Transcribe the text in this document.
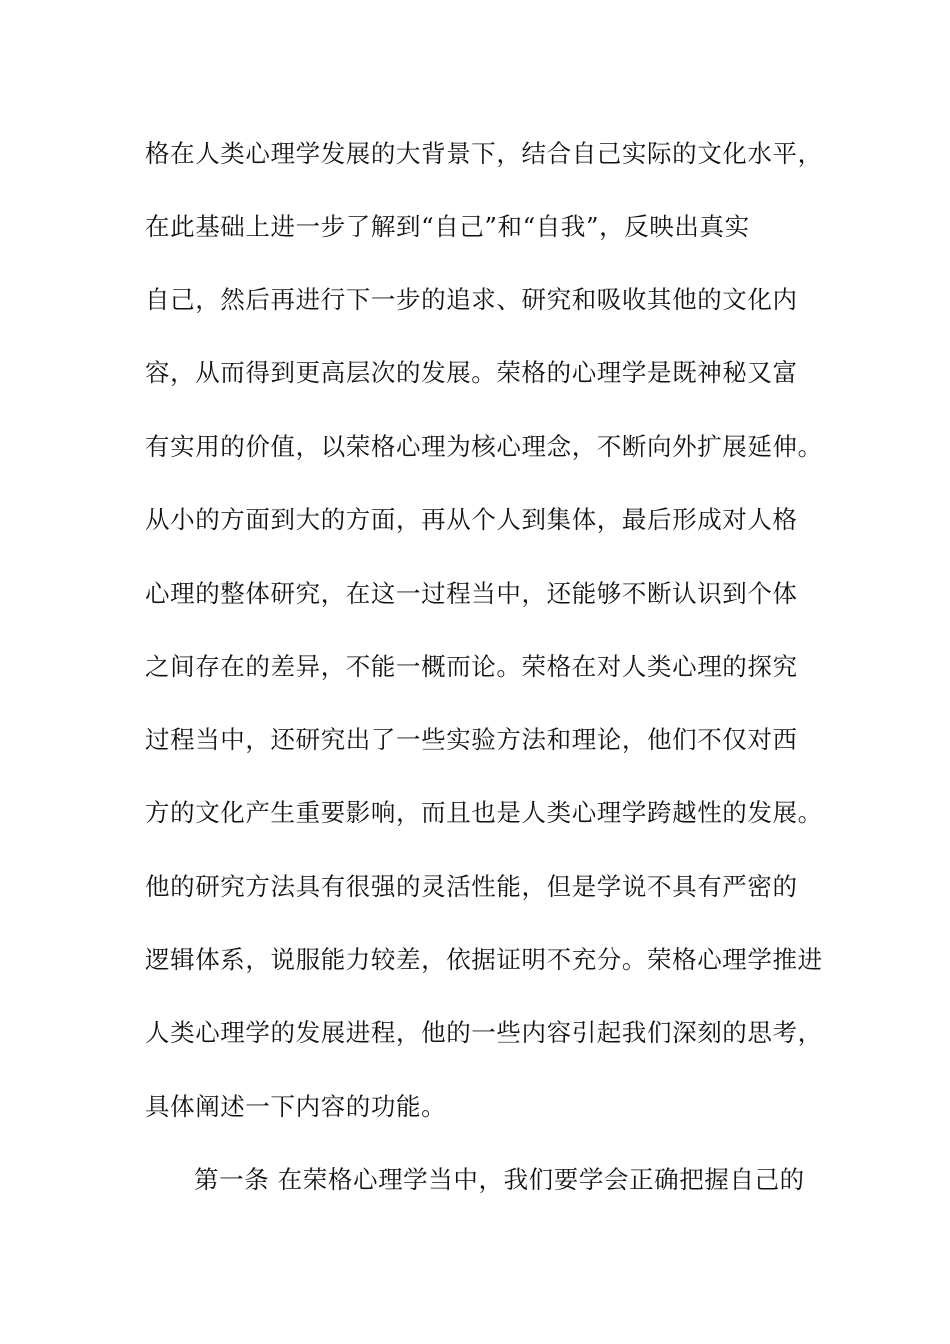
格在人类心理学发展的大背景下，结合自己实际的文化水平，
在此基础上进一步了解到“自己”和“自我”，反映出真实
自己，然后再进行下一步的追求、研究和吸收其他的文化内
容，从而得到更高层次的发展。荣格的心理学是既神秘又富
有实用的价值，以荣格心理为核心理念，不断向外扩展延伸。
从小的方面到大的方面，再从个人到集体，最后形成对人格
心理的整体研究，在这一过程当中，还能够不断认识到个体
之间存在的差异，不能一概而论。荣格在对人类心理的探究
过程当中，还研究出了一些实验方法和理论，他们不仅对西
方的文化产生重要影响，而且也是人类心理学跨越性的发展。
他的研究方法具有很强的灵活性能，但是学说不具有严密的
逻辑体系，说服能力较差，依据证明不充分。荣格心理学推进
人类心理学的发展进程，他的一些内容引起我们深刻的思考，
具体阐述一下内容的功能。
第一条 在荣格心理学当中，我们要学会正确把握自己的
